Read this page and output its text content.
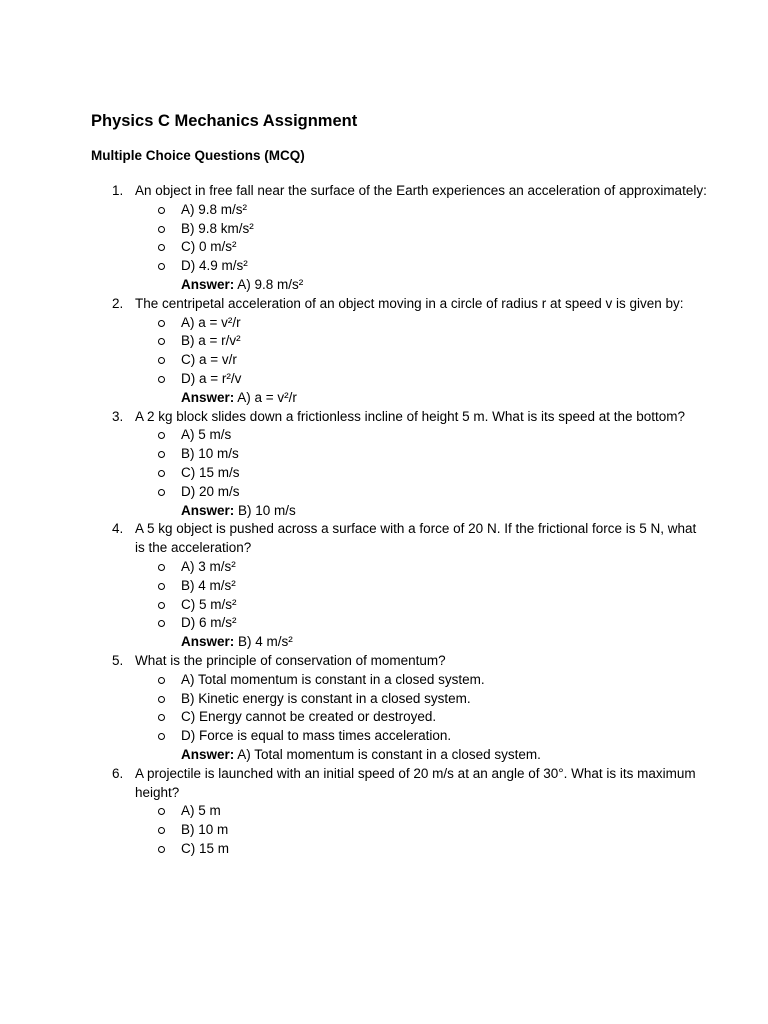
Physics C Mechanics Assignment
Multiple Choice Questions (MCQ)
1. An object in free fall near the surface of the Earth experiences an acceleration of approximately:
A) 9.8 m/s²
B) 9.8 km/s²
C) 0 m/s²
D) 4.9 m/s²
Answer: A) 9.8 m/s²
2. The centripetal acceleration of an object moving in a circle of radius r at speed v is given by:
A) a = v²/r
B) a = r/v²
C) a = v/r
D) a = r²/v
Answer: A) a = v²/r
3. A 2 kg block slides down a frictionless incline of height 5 m. What is its speed at the bottom?
A) 5 m/s
B) 10 m/s
C) 15 m/s
D) 20 m/s
Answer: B) 10 m/s
4. A 5 kg object is pushed across a surface with a force of 20 N. If the frictional force is 5 N, what is the acceleration?
A) 3 m/s²
B) 4 m/s²
C) 5 m/s²
D) 6 m/s²
Answer: B) 4 m/s²
5. What is the principle of conservation of momentum?
A) Total momentum is constant in a closed system.
B) Kinetic energy is constant in a closed system.
C) Energy cannot be created or destroyed.
D) Force is equal to mass times acceleration.
Answer: A) Total momentum is constant in a closed system.
6. A projectile is launched with an initial speed of 20 m/s at an angle of 30°. What is its maximum height?
A) 5 m
B) 10 m
C) 15 m
